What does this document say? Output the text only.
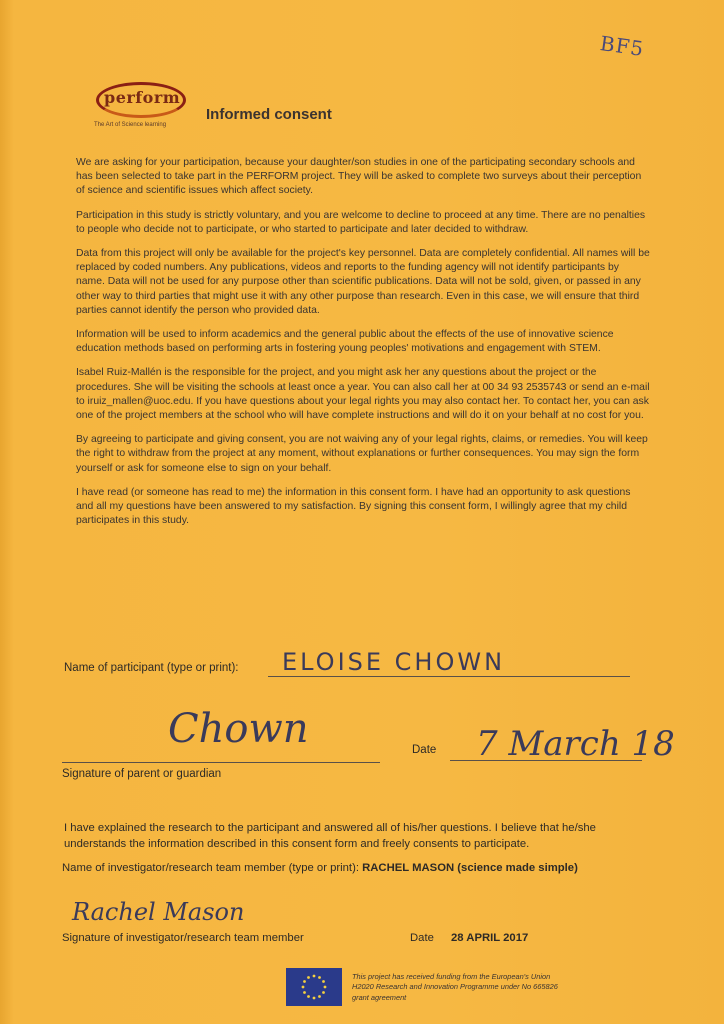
BF5
perform
The Art of Science learning
Informed consent

We are asking for your participation, because your daughter/son studies in one of the participating secondary schools and has been selected to take part in the PERFORM project. They will be asked to complete two surveys about their perception of science and scientific issues which affect society.

Participation in this study is strictly voluntary, and you are welcome to decline to proceed at any time. There are no penalties to people who decide not to participate, or who started to participate and later decided to withdraw.

Data from this project will only be available for the project's key personnel. Data are completely confidential. All names will be replaced by coded numbers. Any publications, videos and reports to the funding agency will not identify participants by name. Data will not be used for any purpose other than scientific publications. Data will not be sold, given, or passed in any other way to third parties that might use it with any other purpose than research. Even in this case, we will ensure that third parties cannot identify the person who provided data.

Information will be used to inform academics and the general public about the effects of the use of innovative science education methods based on performing arts in fostering young peoples' motivations and engagement with STEM.

Isabel Ruiz-Mallén is the responsible for the project, and you might ask her any questions about the project or the procedures. She will be visiting the schools at least once a year. You can also call her at 00 34 93 2535743 or send an e-mail to iruiz_mallen@uoc.edu. If you have questions about your legal rights you may also contact her. To contact her, you can ask one of the project members at the school who will have complete instructions and will do it on your behalf at no cost for you.

By agreeing to participate and giving consent, you are not waiving any of your legal rights, claims, or remedies. You will keep the right to withdraw from the project at any moment, without explanations or further consequences. You may sign the form yourself or ask for someone else to sign on your behalf.

I have read (or someone has read to me) the information in this consent form. I have had an opportunity to ask questions and all my questions have been answered to my satisfaction. By signing this consent form, I willingly agree that my child participates in this study.

Name of participant (type or print): ELOISE CHOWN
Chown
Signature of parent or guardian
Date 7 March 18
I have explained the research to the participant and answered all of his/her questions. I believe that he/she understands the information described in this consent form and freely consents to participate.
Name of investigator/research team member (type or print): RACHEL MASON (science made simple)
Rachel Mason
Signature of investigator/research team member	Date 28 APRIL 2017
This project has received funding from the European's Union H2020 Research and Innovation Programme under No 665826 grant agreement
